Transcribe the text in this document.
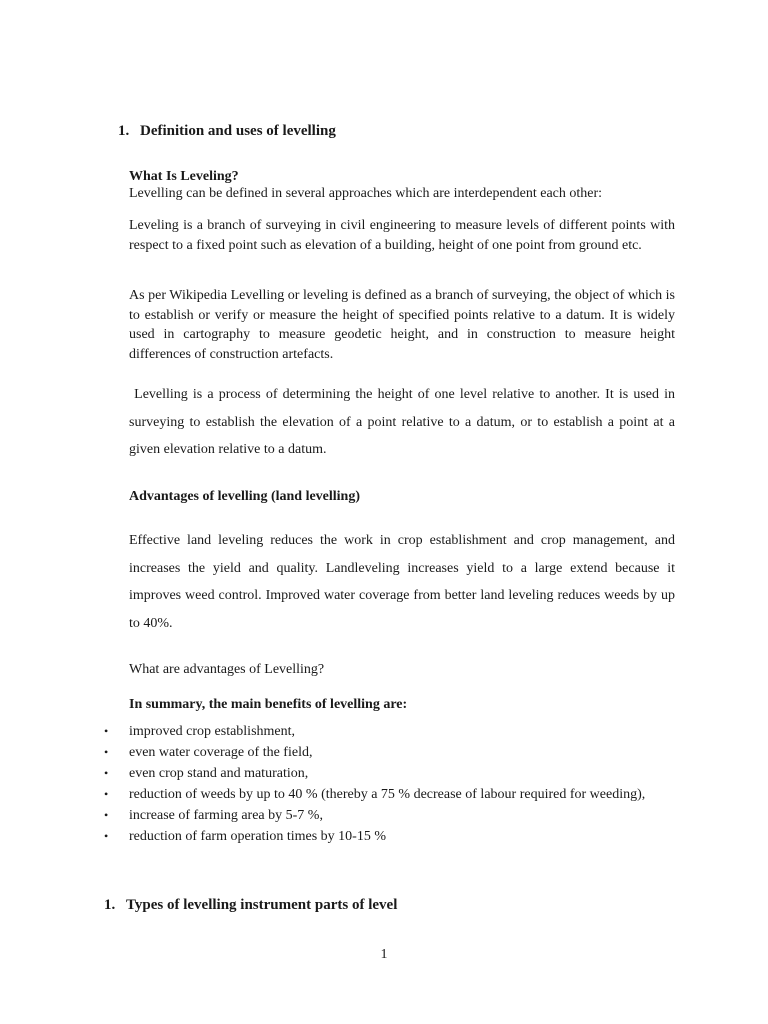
1. Definition and uses of levelling
What Is Leveling?
Levelling can be defined in several approaches which are interdependent each other:

Leveling is a branch of surveying in civil engineering to measure levels of different points with respect to a fixed point such as elevation of a building, height of one point from ground etc.

As per Wikipedia Levelling or leveling is defined as a branch of surveying, the object of which is to establish or verify or measure the height of specified points relative to a datum. It is widely used in cartography to measure geodetic height, and in construction to measure height differences of construction artefacts.

Levelling is a process of determining the height of one level relative to another. It is used in surveying to establish the elevation of a point relative to a datum, or to establish a point at a given elevation relative to a datum.

Advantages of levelling (land levelling)

Effective land leveling reduces the work in crop establishment and crop management, and increases the yield and quality. Landleveling increases yield to a large extend because it improves weed control. Improved water coverage from better land leveling reduces weeds by up to 40%.

What are advantages of Levelling?
In summary, the main benefits of levelling are:
•	improved crop establishment,
•	even water coverage of the field,
•	even crop stand and maturation,
•	reduction of weeds by up to 40 % (thereby a 75 % decrease of labour required for weeding),
•	increase of farming area by 5-7 %,
•	reduction of farm operation times by 10-15 %
1. Types of levelling instrument parts of level
1
